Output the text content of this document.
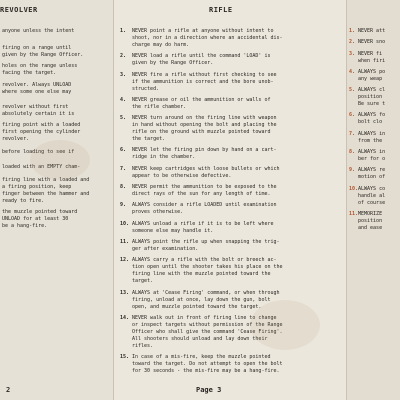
REVOLVER
anyone unless the intent
firing on a range until
given by the Range Officer.
holes on the range unless
facing the target.
revolver. Always UNLOAD
where some one else may
revolver without first
absolutely certain it is
firing point with a loaded
first opening the cylinder
revolver.
before loading to see if
loaded with an EMPTY cham-
firing line with a loaded and
a firing position, keep
finger between the hammer and
ready to fire.
the muzzle pointed toward
UNLOAD for at least 30
be a hang-fire.
2
RIFLE
1.	NEVER point a rifle at anyone without intent to
shoot, nor in a direction where an accidental dis-
charge may do harm.
2.	NEVER load a rifle until the command 'LOAD' is
given by the Range Officer.
3.	NEVER fire a rifle without first checking to see
if the ammunition is correct and the bore unob-
structed.
4.	NEVER grease or oil the ammunition or walls of
the rifle chamber.
5.	NEVER turn around on the firing line with weapon
in hand without opening the bolt and placing the
rifle on the ground with muzzle pointed toward
the target.
6.	NEVER let the firing pin down by hand on a cart-
ridge in the chamber.
7.	NEVER keep cartridges with loose bullets or which
appear to be otherwise defective.
8.	NEVER permit the ammunition to be exposed to the
direct rays of the sun for any length of time.
9.	ALWAYS consider a rifle LOADED until examination
proves otherwise.
10. ALWAYS unload a rifle if it is to be left where
someone else may handle it.
11. ALWAYS point the rifle up when snapping the trig-
ger after examination.
12. ALWAYS carry a rifle with the bolt or breech ac-
tion open until the shooter takes his place on the
firing line with the muzzle pointed toward the
target.
13. ALWAYS at 'Cease Firing' command, or when through
firing, unload at once, lay down the gun, bolt
open, and muzzle pointed toward the target.
14. NEVER walk out in front of firing line to change
or inspect targets without permission of the Range
Officer who shall give the command 'Cease Firing'.
All shooters should unload and lay down their
rifles.
15. In case of a mis-fire, keep the muzzle pointed
toward the target. Do not attempt to open the bolt
for 30 seconds - the mis-fire may be a hang-fire.
Page 3
1. NEVER att
2. NEVER sno
3. NEVER fi
when firi
4. ALWAYS po
any weap
5. ALWAYS cl
position
Be sure t
6. ALWAYS fo
bolt clo
7. ALWAYS in
from the
8. ALWAYS in
ber for o
9. ALWAYS re
motion of
10. ALWAYS co
handle al
of course
11. MEMORIZE
position
and ease
